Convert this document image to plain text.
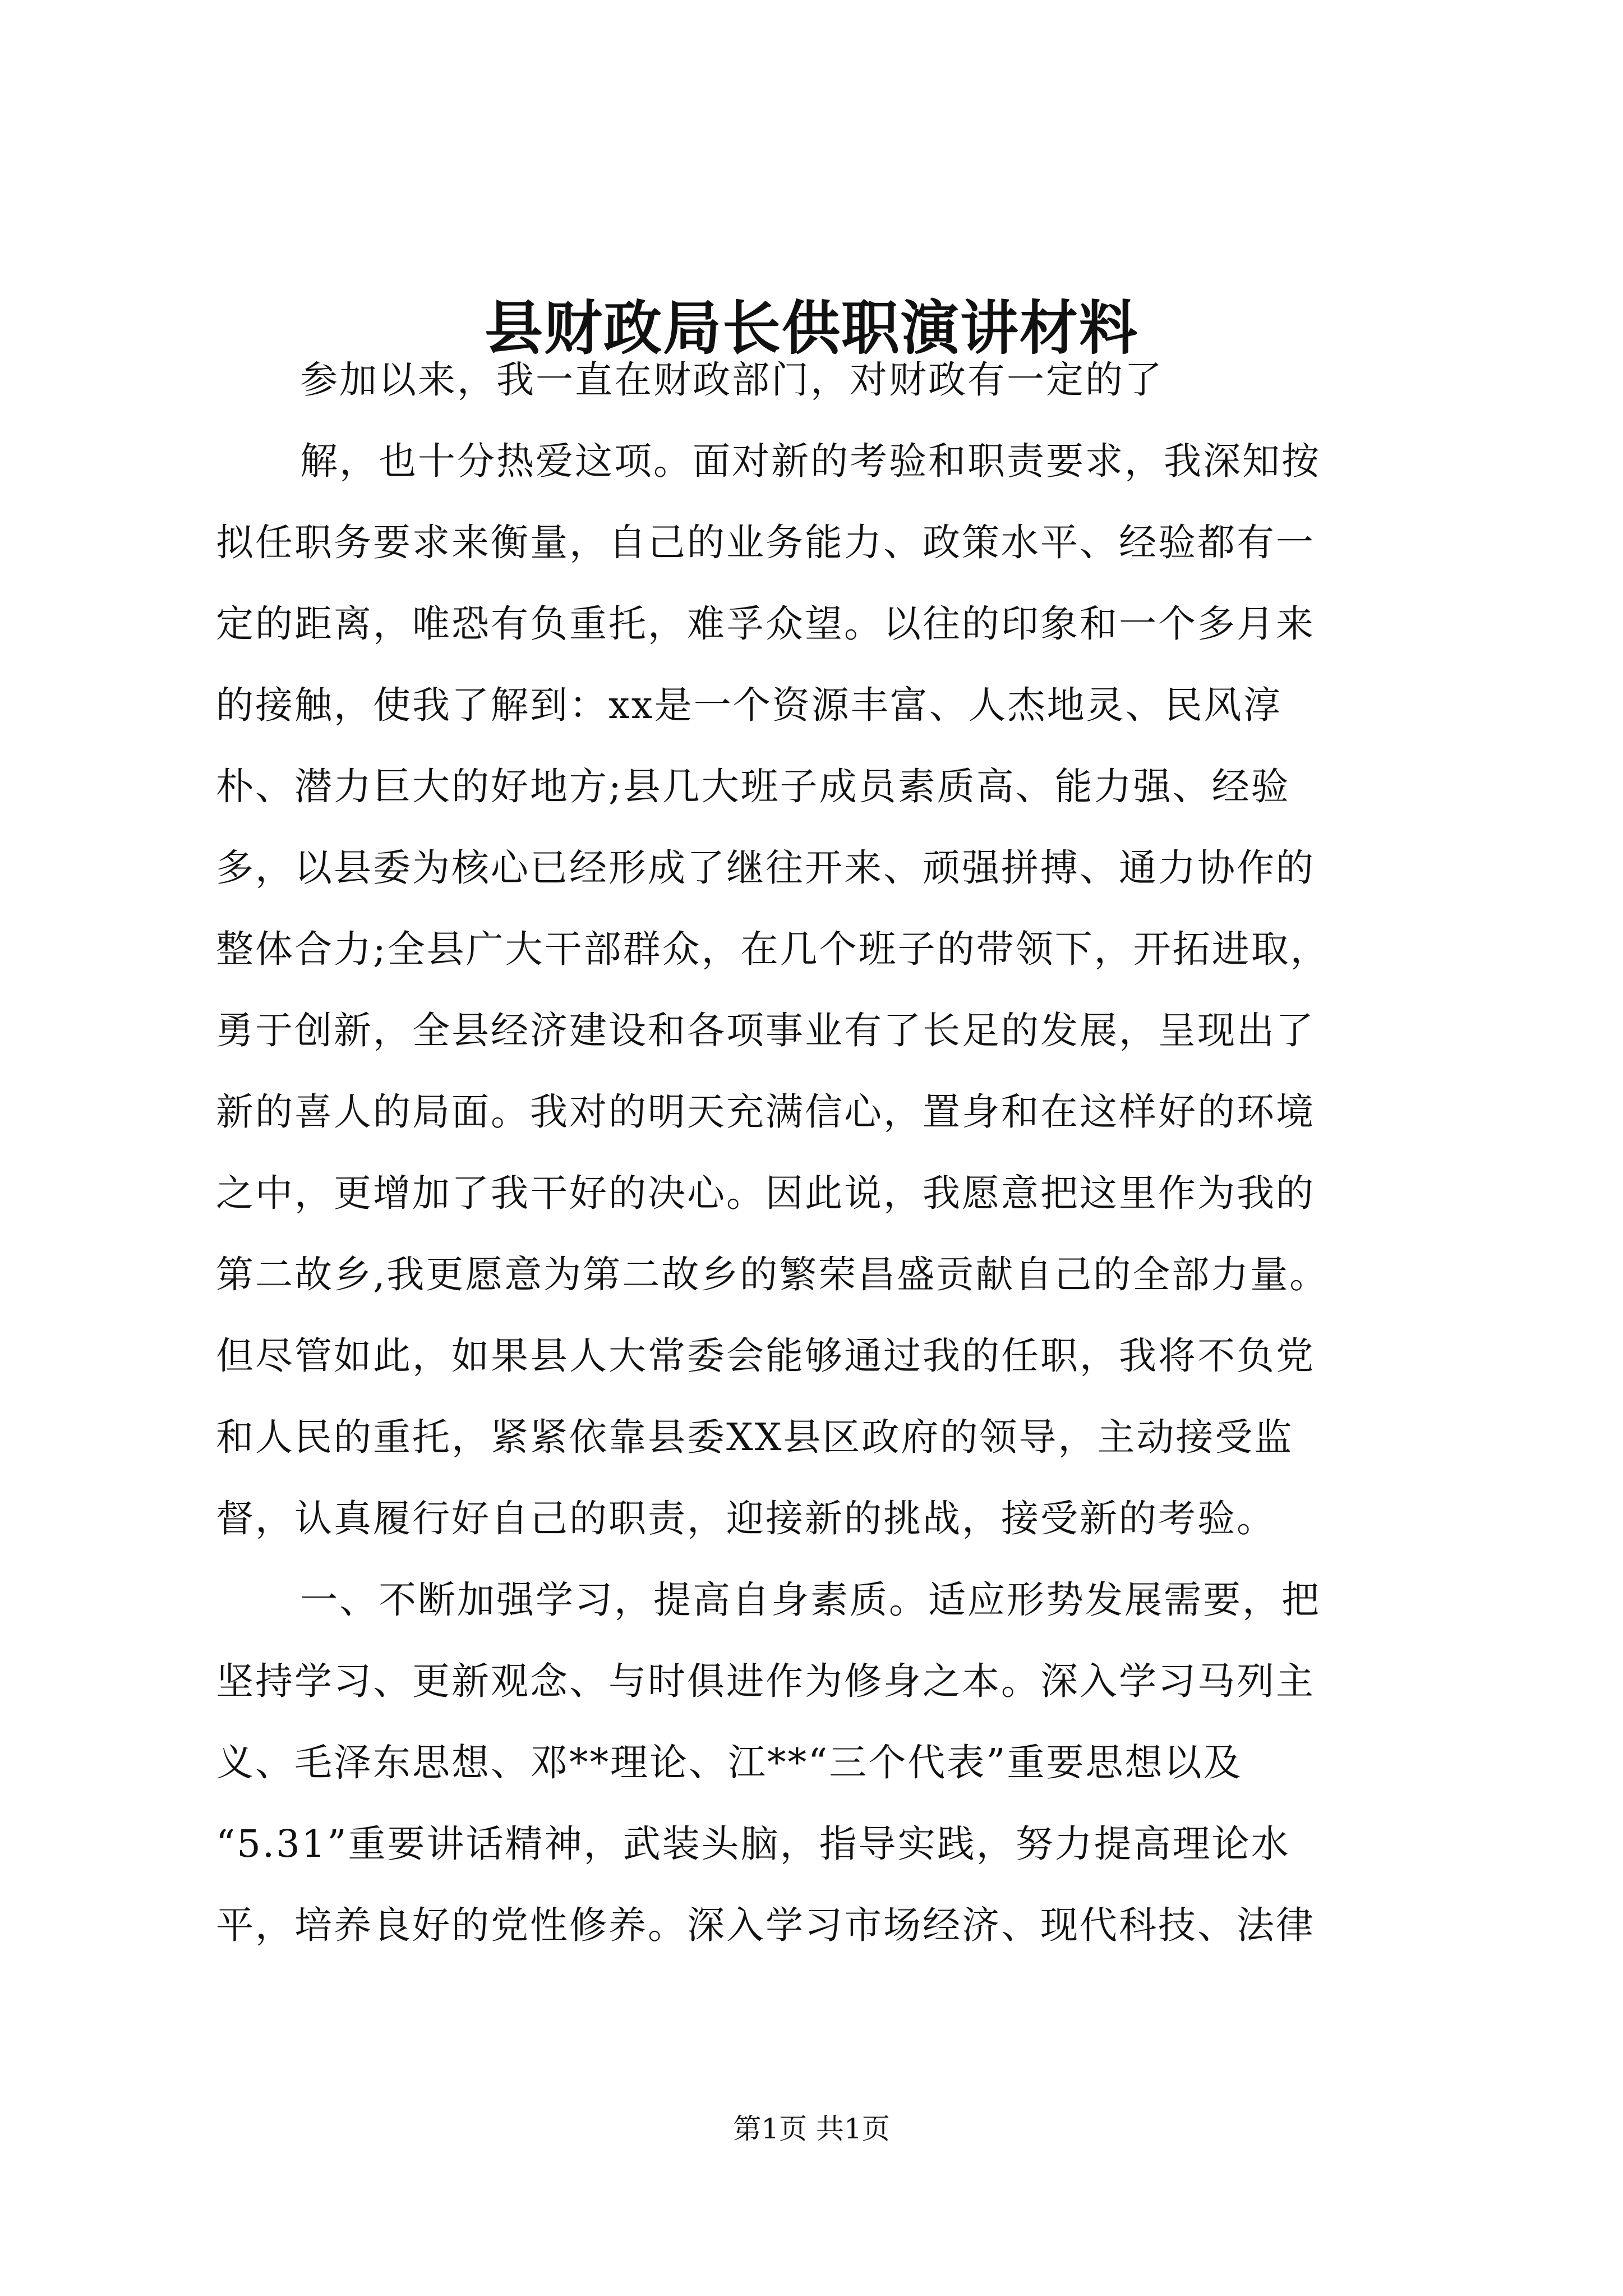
县财政局长供职演讲材料
参加以来，我一直在财政部门，对财政有一定的了
解，也十分热爱这项。面对新的考验和职责要求，我深知按
拟任职务要求来衡量，自己的业务能力、政策水平、经验都有一
定的距离，唯恐有负重托，难孚众望。以往的印象和一个多月来
的接触，使我了解到：xx是一个资源丰富、人杰地灵、民风淳
朴、潜力巨大的好地方;县几大班子成员素质高、能力强、经验
多，以县委为核心已经形成了继往开来、顽强拼搏、通力协作的
整体合力;全县广大干部群众，在几个班子的带领下，开拓进取，
勇于创新，全县经济建设和各项事业有了长足的发展，呈现出了
新的喜人的局面。我对的明天充满信心，置身和在这样好的环境
之中，更增加了我干好的决心。因此说，我愿意把这里作为我的
第二故乡,我更愿意为第二故乡的繁荣昌盛贡献自己的全部力量。
但尽管如此，如果县人大常委会能够通过我的任职，我将不负党
和人民的重托，紧紧依靠县委XX县区政府的领导，主动接受监
督，认真履行好自己的职责，迎接新的挑战，接受新的考验。
一、不断加强学习，提高自身素质。适应形势发展需要，把
坚持学习、更新观念、与时俱进作为修身之本。深入学习马列主
义、毛泽东思想、邓**理论、江**“三个代表”重要思想以及
“5.31”重要讲话精神，武装头脑，指导实践，努力提高理论水
平，培养良好的党性修养。深入学习市场经济、现代科技、法律
第1页 共1页
